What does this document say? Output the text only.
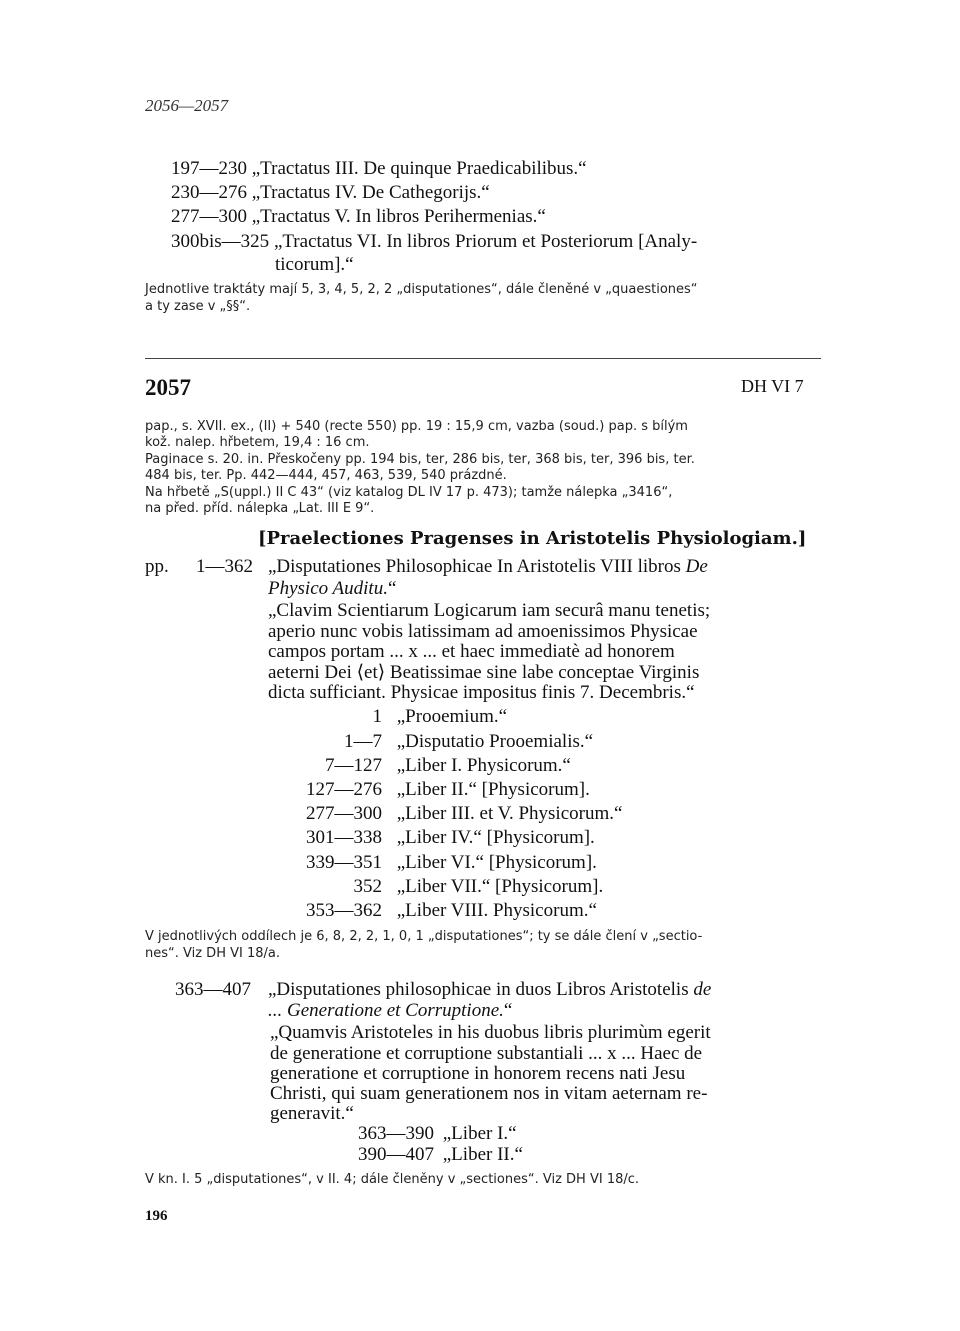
2056—2057
197—230 „Tractatus III. De quinque Praedicabilibus.“
230—276 „Tractatus IV. De Cathegorijs.“
277—300 „Tractatus V. In libros Perihermenias.“
300bis—325 „Tractatus VI. In libros Priorum et Posteriorum [Analy-
ticorum].“
Jednotlive traktáty mají 5, 3, 4, 5, 2, 2 „disputationes“, dále členěné v „quaestiones“
a ty zase v „§§“.
2057	DH VI 7
pap., s. XVII. ex., (II) + 540 (recte 550) pp. 19 : 15,9 cm, vazba (soud.) pap. s bílým
kož. nalep. hřbetem, 19,4 : 16 cm.
Paginace s. 20. in. Přeskočeny pp. 194 bis, ter, 286 bis, ter, 368 bis, ter, 396 bis, ter.
484 bis, ter. Pp. 442—444, 457, 463, 539, 540 prázdné.
Na hřbetě „S(uppl.) II C 43“ (viz katalog DL IV 17 p. 473); tamže nálepka „3416“,
na před. příd. nálepka „Lat. III E 9“.
[Praelectiones Pragenses in Aristotelis Physiologiam.]
pp. 1—362 „Disputationes Philosophicae In Aristotelis VIII libros De
Physico Auditu.“
„Clavim Scientiarum Logicarum iam securâ manu tenetis;
aperio nunc vobis latissimam ad amoenissimos Physicae
campos portam ... x ... et haec immediatè ad honorem
aeterni Dei ⟨et⟩ Beatissimae sine labe conceptae Virginis
dicta sufficiant. Physicae impositus finis 7. Decembris.“
1 „Prooemium.“
1—7 „Disputatio Prooemialis.“
7—127 „Liber I. Physicorum.“
127—276 „Liber II.“ [Physicorum].
277—300 „Liber III. et V. Physicorum.“
301—338 „Liber IV.“ [Physicorum].
339—351 „Liber VI.“ [Physicorum].
352 „Liber VII.“ [Physicorum].
353—362 „Liber VIII. Physicorum.“
V jednotlivých oddílech je 6, 8, 2, 2, 1, 0, 1 „disputationes“; ty se dále člení v „sectio-
nes“. Viz DH VI 18/a.
363—407 „Disputationes philosophicae in duos Libros Aristotelis de
... Generatione et Corruptione.“
„Quamvis Aristoteles in his duobus libris plurimùm egerit
de generatione et corruptione substantiali ... x ... Haec de
generatione et corruptione in honorem recens nati Jesu
Christi, qui suam generationem nos in vitam aeternam re-
generavit.“
363—390 „Liber I.“
390—407 „Liber II.“
V kn. I. 5 „disputationes“, v II. 4; dále členěny v „sectiones“. Viz DH VI 18/c.
196
